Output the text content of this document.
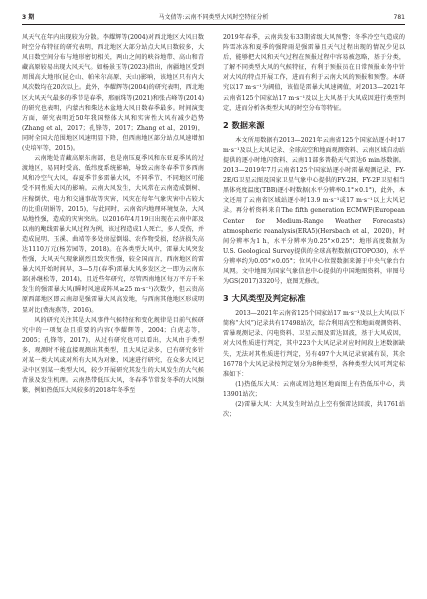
3 期	马文倩等:云南不同类型大风时空特征分析	781

风天气在年内出现较为分散。李耀辉等(2004)对西北地区大风日数时空分布特征的研究表明，西北地区大部分站点大风日数较多，大风日数空间分布与地形密切相关，两山之间的峡谷地带、高山和青藏高原较易出现大风天气。如杨景玉等(2023)指出，南疆地区受到周围高大地形(昆仑山、帕米尔高原、天山)影响，该地区只有内大风次数均在20次以上。此外，李耀辉等(2004)的研究表明，西北地区大风天气最多的季节是春季，邢丽珠等(2021)和张占峰等(2014)的研究也表明，内蒙古和柴达木盆地大风日数春季最多。时间演变方面，研究表明近50年我国整体大风和实害性大风有减少趋势(Zhang et al，2017；孔锋等，2017；Zhang et al，2019)，同时全国大范围地区风速明显下降，但西南地区部分站点风速增加(史培军等，2015)。

云南地处青藏高原东南部，也是南压夏季风和东亚夏季风的过渡地区，易同时受高、低纬度系统影响，导致云南冬春季节多西南风和冷空气大风，春夏季节多雷暴大风，不同季节、不同地区可能受不同性质大风的影响。云南大风发生，大风常在云南造成倒树、庄稼倒伏、电力和交通事故等灾害，风灾在每年气象灾害中占较大的比重(胡娟等，2015)，与此同时，云南省内地理环境复杂，大风局地性强，造成的灾害突出。以2016年4月19日出现在云南中部及以南的飑线雷暴大风过程为例，该过程造成1人死亡，多人受伤，并造成昆明、玉溪、曲靖等多处房屋倒塌、农作物受损，经济损失高达1110万元(杨芳园等，2018)。在各类型大风中，雷暴大风突发性强，大风天气现象剧烈且致灾性强，较全国而言，西南地区的雷暴大风开始时间早，3—5月(春季)雷暴大风多发区之一即为云南东部(孙继松等，2014)，且近些年研究，尽管西南地区每万平方千米发生的强雷暴大风(瞬时风速或阵风≥25 m·s⁻¹)次数少，但云贵高原西部地区即云南却是强雷暴大风高发地，与西南其他地区形成明显对比(费海燕等，2016)。

风的研究关注其是大风事件气候特征和变化规律是目前气候研究中的一项复杂且重要的内容(李耀辉等，2004；白虎志等，2005；孔锋等，2017)，从过有研究也可以看出，大风由于类型多，观测时不能直接观测出其类型，且大风记录多，已有研究多针对某一类大风或对所有大风为对象，风速进行研究，在众多大风记录中区别某一类型大风，较少开展研究其发生的大风发生的大气候背景及发生机理。云南热带低压大风，冬春季节常发冬季的大风频繁，例如热低压大风较多的2018年冬季至

2019年春季，云南共发布33期省级大风预警；冬季冷空气造成的阵雪冰冻和夏季的强降雨是强雷暴且天气过程出现的情况少见以后，能够把大风和天气过程在预报过程中容易被忽略，基于分类，了解不同类型大风的气候特征，有利于预报员在日常预报业务中针对大风的特点开展工作，进而有利于云南大风的预报和预警。本研究以17 m·s⁻¹为阈值，该值是雷暴大风速阈值，对2013—2021年云南省125个国家站17 m·s⁻¹及以上大风基于大风成因进行类型判定，进而分析各类型大风的时空分布等特征。

2 数据来源

本文所用数据有2013—2021年云南省125个国家站逐小时17 m·s⁻¹及以上大风记录、全球高空和地面观测资料、云南区域自动站提供的逐小时地闪资料、云南11部多普勒天气雷达6 min基数据。2013—2019年7月云南省125个国家站逐小时雷暴观测记录、FY-2E/G卫星云图及国家卫星气象中心提供的FY-2H、FY-2F卫星相当黑体亮度温度(TBB)逐小时数据(水平分辨率0.1°×0.1°)，此外，本文还用了云南省区域站逐小时13.9 m·s⁻¹或17 m·s⁻¹以上大风记录。再分析资料来自The fifth generation ECMWF(European Center for Medium-Range Weather Forecasts) atmospheric reanalysis(ERA5)(Hersbach et al，2020)，时间分辨率为1 h，水平分辨率为0.25°×0.25°；地形高度数据为U.S. Geological Survey提供的全球高程数据(GTOPO30)，水平分辨率约为0.05°×0.05°；位风中心位置数据来源于中央气象台台风网。文中地图为国家气象信息中心提供的中国地图资料，审图号为GS(2017)3320号，底图无修改。

3 大风类型及判定标准

2013—2021年云南省125个国家站17 m·s⁻¹及以上大风(以下简称“大风”)记录共有17498站次，综合利用高空和地面观测资料、雷暴观测记录、闪电资料、卫星云图及雷达回波，基于大风成因，对大风性质进行判定，其中223个大风记录对应时间段上述数据缺失，无法对其性质进行判定，另有497个大风记录衰减有误，其余16778个大风记录按判定划分为8种类型，各种类型大风可判定标准如下：

(1)热低压大风：云南或周边地区地面图上有热低压中心，共13901站次；

(2)雷暴大风：大风发生时站点上空有强雷达回波，共1761站次；
